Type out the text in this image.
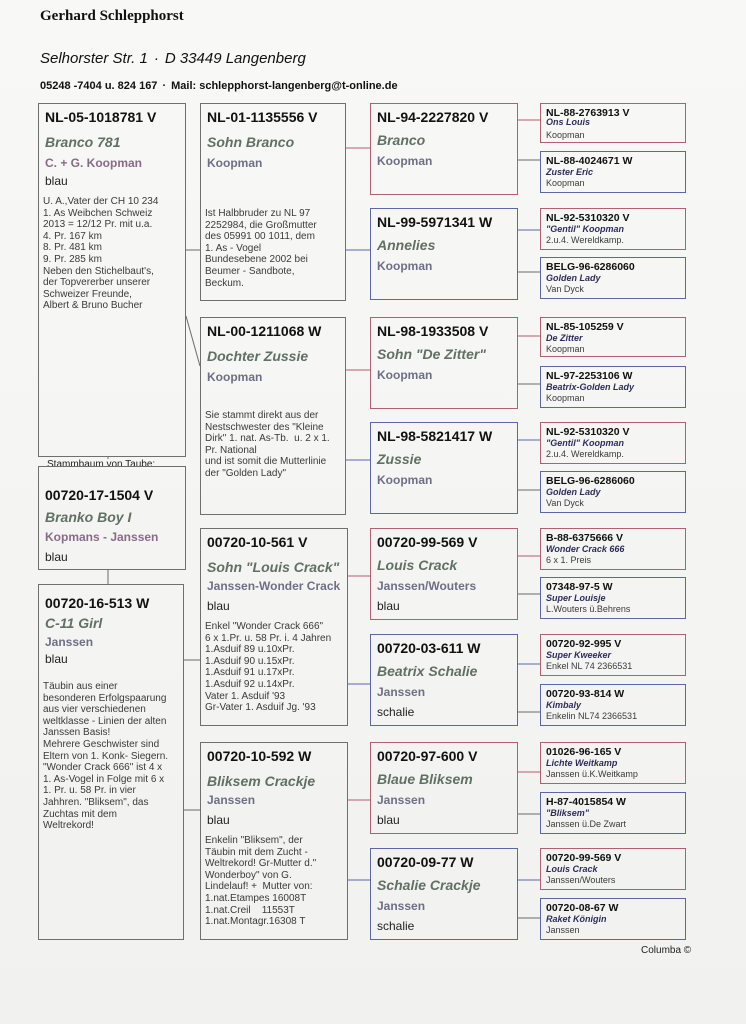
Gerhard Schlepphorst
Selhorster Str. 1 · D 33449 Langenberg
05248 -7404 u. 824 167 · Mail: schlepphorst-langenberg@t-online.de
NL-05-1018781 V
Branco 781
C. + G. Koopman
blau
U. A.,Vater der CH 10 234
1. As Weibchen Schweiz
2013 = 12/12 Pr. mit u.a.
4. Pr. 167 km
8. Pr. 481 km
9. Pr. 285 km
Neben den Stichelbaut's,
der Topvererber unserer
Schweizer Freunde,
Albert & Bruno Bucher
Stammbaum von Taube:
00720-17-1504 V
Branko Boy I
Kopmans - Janssen
blau
00720-16-513 W
C-11 Girl
Janssen
blau
Täubin aus einer
besonderen Erfolgspaarung
aus vier verschiedenen
weltklasse - Linien der alten
Janssen Basis!
Mehrere Geschwister sind
Eltern von 1. Konk- Siegern.
"Wonder Crack 666" ist 4 x
1. As-Vogel in Folge mit 6 x
1. Pr. u. 58 Pr. in vier
Jahhren. "Bliksem", das
Zuchtas mit dem
Weltrekord!
NL-01-1135556 V
Sohn Branco
Koopman
Ist Halbbruder zu NL 97
2252984, die Großmutter
des 05991 00 1011, dem
1. As - Vogel
Bundesebene 2002 bei
Beumer - Sandbote,
Beckum.
NL-00-1211068 W
Dochter Zussie
Koopman
Sie stammt direkt aus der
Nestschwester des "Kleine
Dirk" 1. nat. As-Tb.  u. 2 x 1.
Pr. National
und ist somit die Mutterlinie
der "Golden Lady"
00720-10-561 V
Sohn "Louis Crack"
Janssen-Wonder Crack
blau
Enkel "Wonder Crack 666"
6 x 1.Pr. u. 58 Pr. i. 4 Jahren
1.Asduif 89 u.10xPr.
1.Asduif 90 u.15xPr.
1.Asduif 91 u.17xPr.
1.Asduif 92 u.14xPr.
Vater 1. Asduif '93
Gr-Vater 1. Asduif Jg. '93
00720-10-592 W
Bliksem Crackje
Janssen
blau
Enkelin "Bliksem", der
Täubin mit dem Zucht -
Weltrekord! Gr-Mutter d."
Wonderboy" von G.
Lindelauf! +  Mutter von:
1.nat.Etampes 16008T
1.nat.Creil    11553T
1.nat.Montagr.16308 T
NL-94-2227820 V
Branco
Koopman
NL-99-5971341 W
Annelies
Koopman
NL-98-1933508 V
Sohn "De Zitter"
Koopman
NL-98-5821417 W
Zussie
Koopman
00720-99-569 V
Louis Crack
Janssen/Wouters
blau
00720-03-611 W
Beatrix Schalie
Janssen
schalie
00720-97-600 V
Blaue Bliksem
Janssen
blau
00720-09-77 W
Schalie Crackje
Janssen
schalie
NL-88-2763913 V
Ons Louis
Koopman
NL-88-4024671 W
Zuster Eric
Koopman
NL-92-5310320 V
"Gentil" Koopman
2.u.4. Wereldkamp.
BELG-96-6286060
Golden Lady
Van Dyck
NL-85-105259 V
De Zitter
Koopman
NL-97-2253106 W
Beatrix-Golden Lady
Koopman
NL-92-5310320 V
"Gentil" Koopman
2.u.4. Wereldkamp.
BELG-96-6286060
Golden Lady
Van Dyck
B-88-6375666 V
Wonder Crack 666
6 x 1. Preis
07348-97-5 W
Super Louisje
L.Wouters ü.Behrens
00720-92-995 V
Super Kweeker
Enkel NL 74 2366531
00720-93-814 W
Kimbaly
Enkelin NL74 2366531
01026-96-165 V
Lichte Weitkamp
Janssen ü.K.Weitkamp
H-87-4015854 W
"Bliksem"
Janssen ü.De Zwart
00720-99-569 V
Louis Crack
Janssen/Wouters
00720-08-67 W
Raket Königin
Janssen
Columba ©
